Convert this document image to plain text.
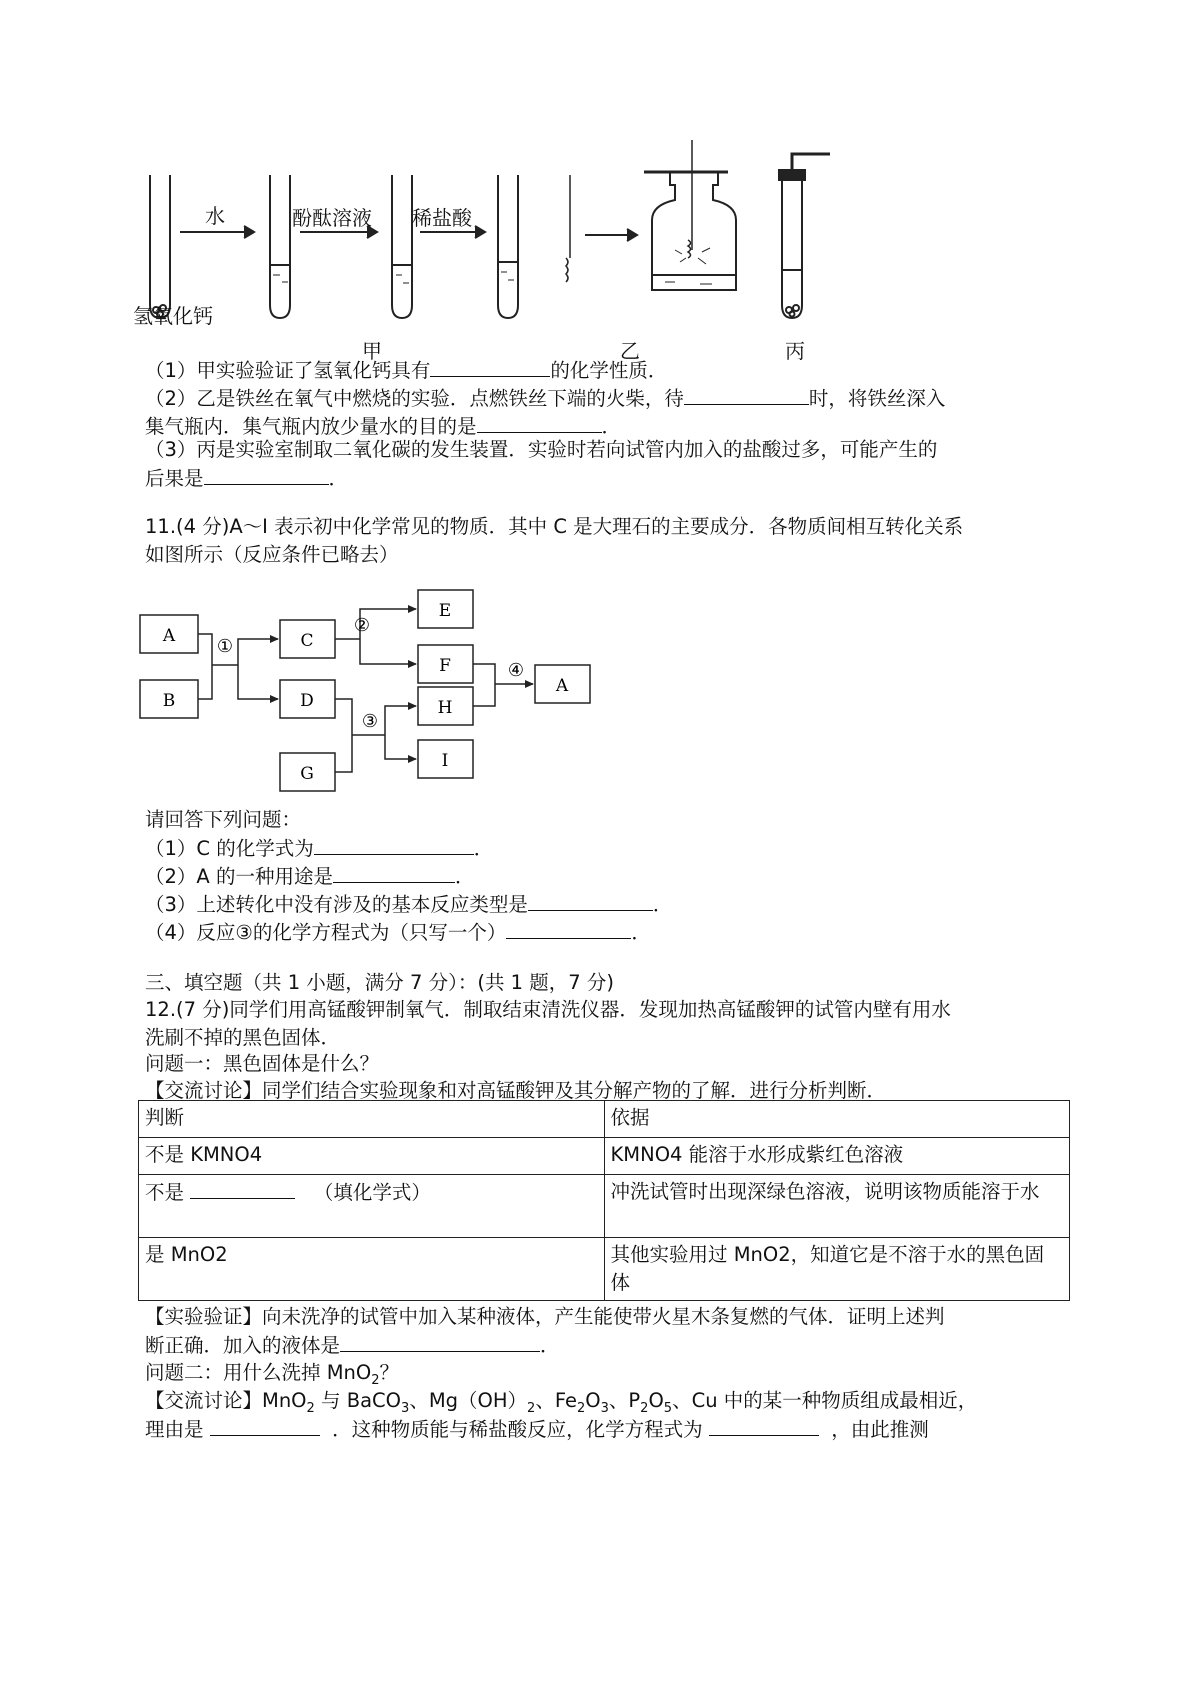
水	酚酞溶液 稀盐酸
氢氧化钙
甲	乙	丙
（1）甲实验验证了氢氧化钙具有	的化学性质．
（2）乙是铁丝在氧气中燃烧的实验．点燃铁丝下端的火柴，待	时，将铁丝深入
集气瓶内．集气瓶内放少量水的目的是	．
（3）丙是实验室制取二氧化碳的发生装置．实验时若向试管内加入的盐酸过多，可能产生的
后果是	．
11.(4 分)A～I 表示初中化学常见的物质．其中 C 是大理石的主要成分．各物质间相互转化关系
如图所示（反应条件已略去）
A
B
C
D
G
E
F
H
I
A
①
②
③
④
请回答下列问题：
（1）C 的化学式为	．
（2）A 的一种用途是	．
（3）上述转化中没有涉及的基本反应类型是	．
（4）反应③的化学方程式为（只写一个）	．
三、填空题（共 1 小题，满分 7 分）：(共 1 题，7 分)
12.(7 分)同学们用高锰酸钾制氧气．制取结束清洗仪器．发现加热高锰酸钾的试管内壁有用水
洗刷不掉的黑色固体．
问题一：黑色固体是什么？
【交流讨论】同学们结合实验现象和对高锰酸钾及其分解产物的了解．进行分析判断．
判断	依据
不是 KMNO4	KMNO4 能溶于水形成紫红色溶液
不是 （填化学式）	冲洗试管时出现深绿色溶液，说明该物质能溶于水
是 MnO2	其他实验用过 MnO2，知道它是不溶于水的黑色固体
【实验验证】向未洗净的试管中加入某种液体，产生能使带火星木条复燃的气体．证明上述判
断正确．加入的液体是	．
问题二：用什么洗掉 MnO$_2$？
【交流讨论】MnO$_2$ 与 BaCO$_3$、$Mg(OH)_2$、$Fe_2O_3$、$P_2O_5$、Cu 中的某一种物质组成最相近，
理由是	．这种物质能与稀盐酸反应，化学方程式为	，由此推测
